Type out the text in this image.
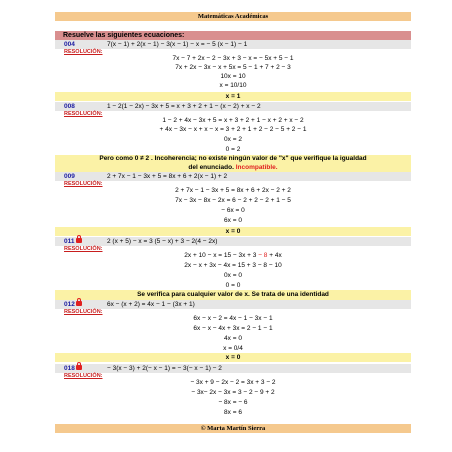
Matemáticas Académicas
Resuelve las siguientes ecuaciones:
004	7(x − 1) + 2(x − 1) − 3(x − 1) − x = − 5 (x − 1) − 1
RESOLUCIÓN:
7x − 7 + 2x − 2 − 3x + 3 − x = − 5x + 5 − 1
7x + 2x − 3x − x + 5x = 5 − 1 + 7 + 2 − 3
10x = 10
x = 10/10
x = 1
008	1 − 2(1 − 2x) − 3x + 5 = x + 3 + 2 + 1 − (x − 2) + x − 2
RESOLUCIÓN:
1 − 2 + 4x − 3x + 5 = x + 3 + 2 + 1 − x + 2 + x − 2
+ 4x − 3x − x + x − x = 3 + 2 + 1 + 2 − 2 − 5 + 2 − 1
0x = 2
0 = 2
Pero como 0 ≠ 2 . Incoherencia; no existe ningún valor de "x" que verifique la igualdad
del enunciado. Incompatible.
009	2 + 7x − 1 − 3x + 5 = 8x + 6 + 2(x − 1) + 2
RESOLUCIÓN:
2 + 7x − 1 − 3x + 5 = 8x + 6 + 2x − 2 + 2
7x − 3x − 8x − 2x = 6 − 2 + 2 − 2 + 1 − 5
− 6x = 0
6x = 0
x = 0
011	2 (x + 5) − x = 3 (5 − x) + 3 − 2(4 − 2x)
RESOLUCIÓN:
2x + 10 − x = 15 − 3x + 3 − 8 + 4x
2x − x + 3x − 4x = 15 + 3 − 8 − 10
0x = 0
0 = 0
Se verifica para cualquier valor de x. Se trata de una identidad
012	6x − (x + 2) = 4x − 1 − (3x + 1)
RESOLUCIÓN:
6x − x − 2 = 4x − 1 − 3x − 1
6x − x − 4x + 3x = 2 − 1 − 1
4x = 0
x = 0/4
x = 0
018	− 3(x − 3) + 2(− x − 1) = − 3(− x − 1) − 2
RESOLUCIÓN:
− 3x + 9 − 2x − 2 = 3x + 3 − 2
− 3x− 2x − 3x = 3 − 2 − 9 + 2
− 8x = − 6
8x = 6
© Marta Martín Sierra
